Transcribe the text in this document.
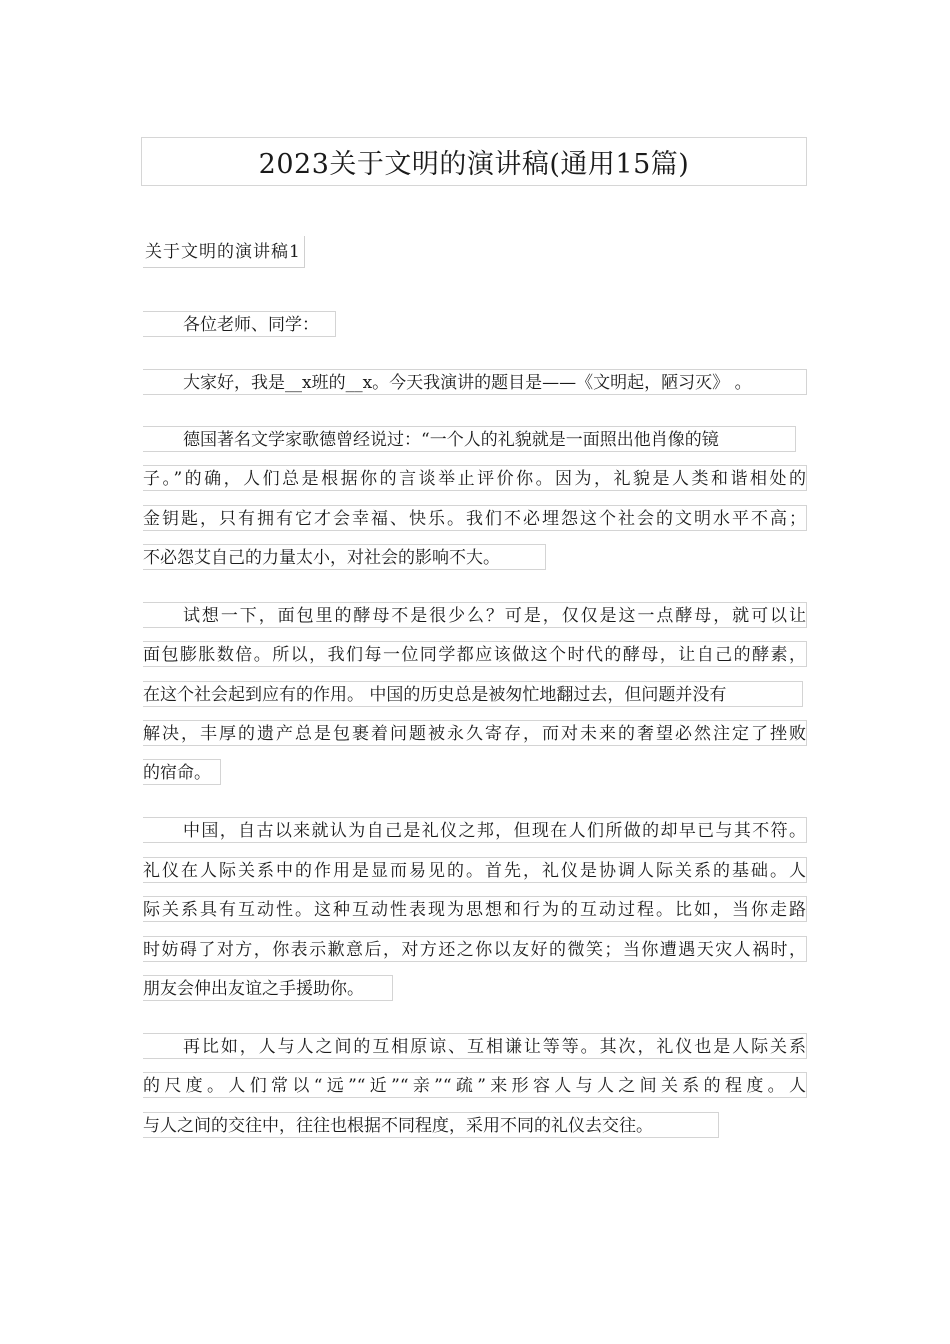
2023关于文明的演讲稿(通用15篇)
关于文明的演讲稿1
各位老师、同学：
大家好，我是__x班的__x。今天我演讲的题目是——《文明起，陋习灭》 。
德国著名文学家歌德曾经说过：“一个人的礼貌就是一面照出他肖像的镜
子。”的确，人们总是根据你的言谈举止评价你。因为，礼貌是人类和谐相处的
金钥匙，只有拥有它才会幸福、快乐。我们不必埋怨这个社会的文明水平不高；
不必怨艾自己的力量太小，对社会的影响不大。
试想一下，面包里的酵母不是很少么？可是，仅仅是这一点酵母，就可以让
面包膨胀数倍。所以，我们每一位同学都应该做这个时代的酵母，让自己的酵素，
在这个社会起到应有的作用。 中国的历史总是被匆忙地翻过去，但问题并没有
解决，丰厚的遗产总是包裹着问题被永久寄存，而对未来的奢望必然注定了挫败
的宿命。
中国，自古以来就认为自己是礼仪之邦，但现在人们所做的却早已与其不符。
礼仪在人际关系中的作用是显而易见的。首先，礼仪是协调人际关系的基础。人
际关系具有互动性。这种互动性表现为思想和行为的互动过程。比如，当你走路
时妨碍了对方，你表示歉意后，对方还之你以友好的微笑；当你遭遇天灾人祸时，
朋友会伸出友谊之手援助你。
再比如，人与人之间的互相原谅、互相谦让等等。其次，礼仪也是人际关系
的尺度。人们常以“远”“近”“亲”“疏”来形容人与人之间关系的程度。人
与人之间的交往中，往往也根据不同程度，采用不同的礼仪去交往。
